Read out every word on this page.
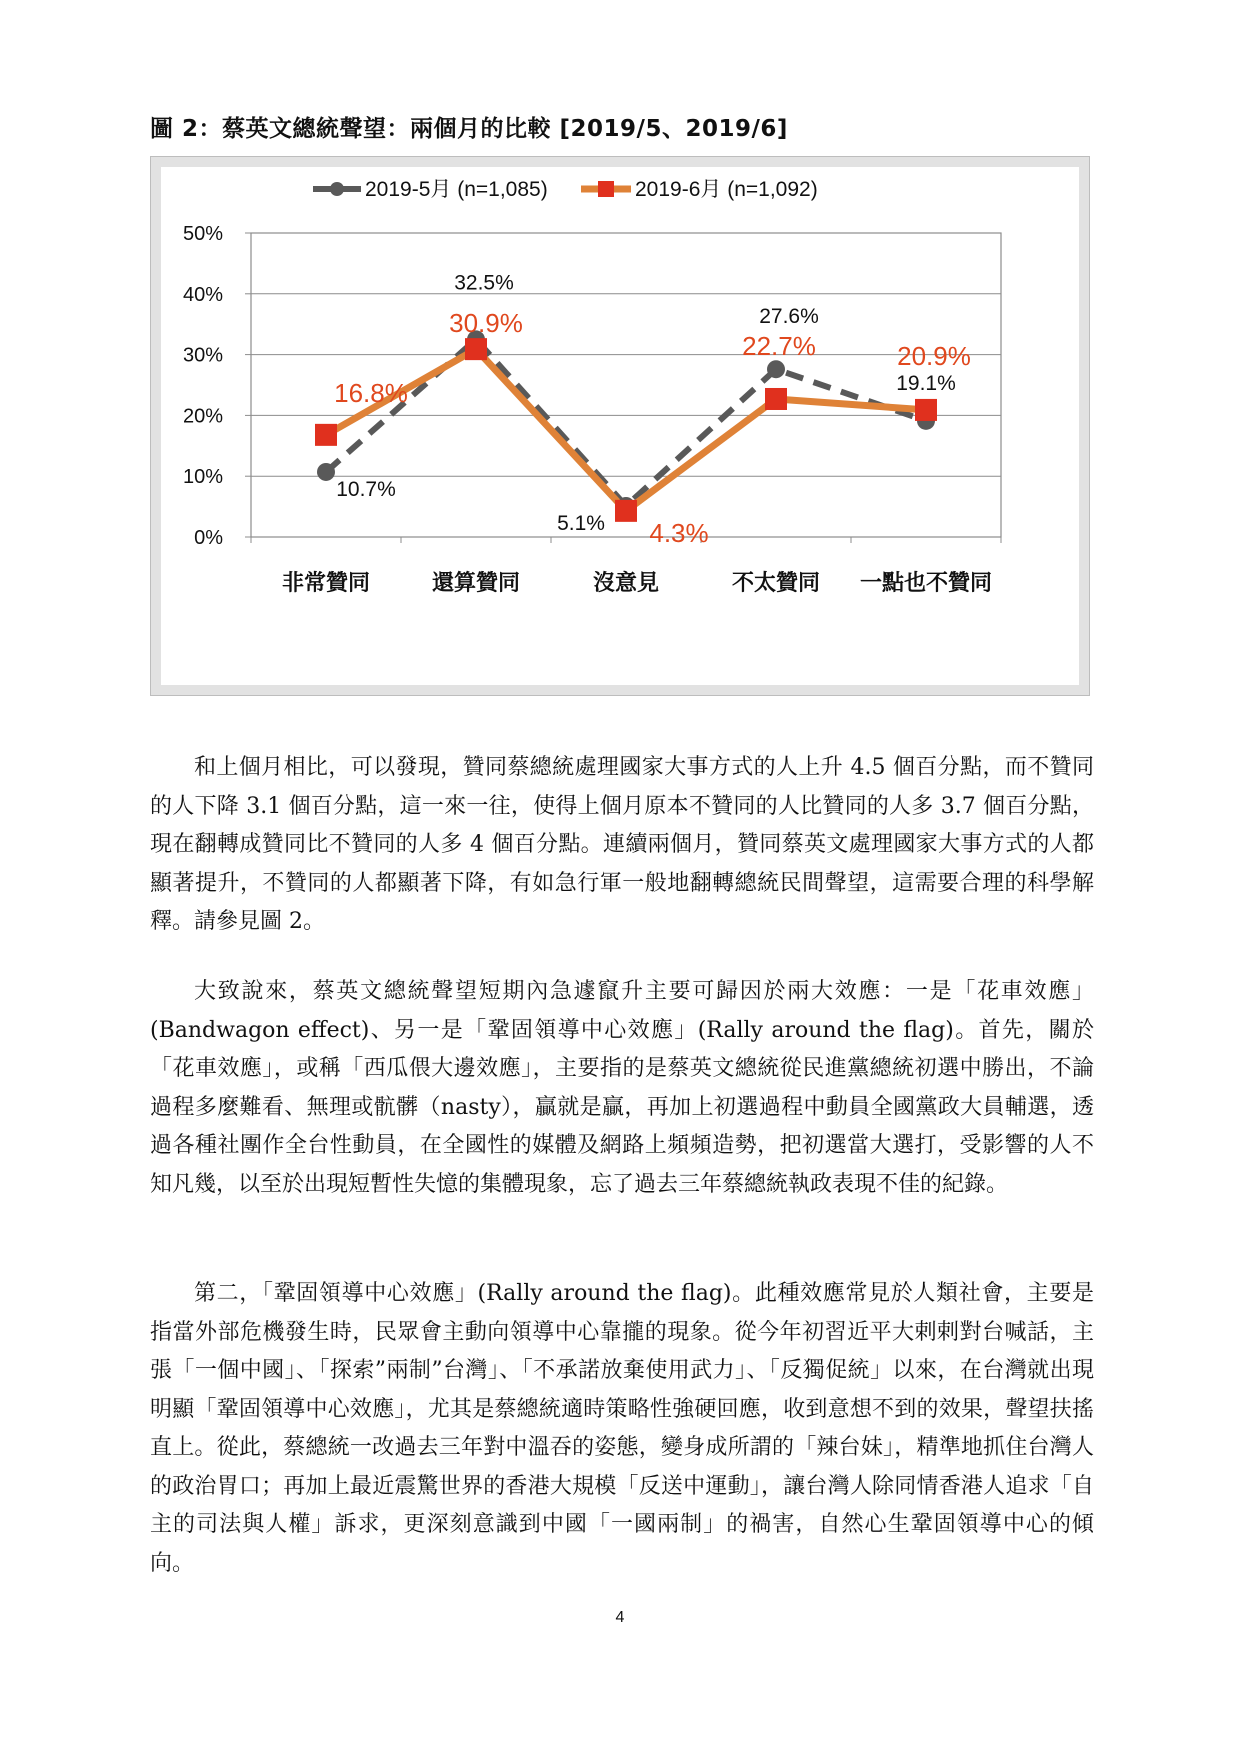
圖 2：蔡英文總統聲望：兩個月的比較 [2019/5、2019/6]
0%
10%
20%
30%
40%
50%
非常贊同	還算贊同	沒意見	不太贊同 一點也不贊同
10.7%
32.5%
5.1%
27.6%
19.1%
16.8%
30.9%
4.3%
22.7%	20.9%
2019-5月 (n=1,085)	2019-6月 (n=1,092)

和上個月相比，可以發現，贊同蔡總統處理國家大事方式的人上升 4.5 個百分點，而不贊同的人下降 3.1 個百分點，這一來一往，使得上個月原本不贊同的人比贊同的人多 3.7 個百分點，現在翻轉成贊同比不贊同的人多 4 個百分點。連續兩個月，贊同蔡英文處理國家大事方式的人都顯著提升，不贊同的人都顯著下降，有如急行軍一般地翻轉總統民間聲望，這需要合理的科學解釋。請參見圖 2。

大致說來，蔡英文總統聲望短期內急遽竄升主要可歸因於兩大效應：一是「花車效應」(Bandwagon effect)、另一是「鞏固領導中心效應」(Rally around the flag)。首先，關於「花車效應」，或稱「西瓜偎大邊效應」，主要指的是蔡英文總統從民進黨總統初選中勝出，不論過程多麼難看、無理或骯髒（nasty），贏就是贏，再加上初選過程中動員全國黨政大員輔選，透過各種社團作全台性動員，在全國性的媒體及網路上頻頻造勢，把初選當大選打，受影響的人不知凡幾，以至於出現短暫性失憶的集體現象，忘了過去三年蔡總統執政表現不佳的紀錄。

第二，「鞏固領導中心效應」(Rally around the flag)。此種效應常見於人類社會，主要是指當外部危機發生時，民眾會主動向領導中心靠攏的現象。從今年初習近平大剌剌對台喊話，主張「一個中國」、「探索”兩制”台灣」、「不承諾放棄使用武力」、「反獨促統」以來，在台灣就出現明顯「鞏固領導中心效應」，尤其是蔡總統適時策略性強硬回應，收到意想不到的效果，聲望扶搖直上。從此，蔡總統一改過去三年對中溫吞的姿態，變身成所謂的「辣台妹」，精準地抓住台灣人的政治胃口；再加上最近震驚世界的香港大規模「反送中運動」，讓台灣人除同情香港人追求「自主的司法與人權」訴求，更深刻意識到中國「一國兩制」的禍害，自然心生鞏固領導中心的傾向。

4
